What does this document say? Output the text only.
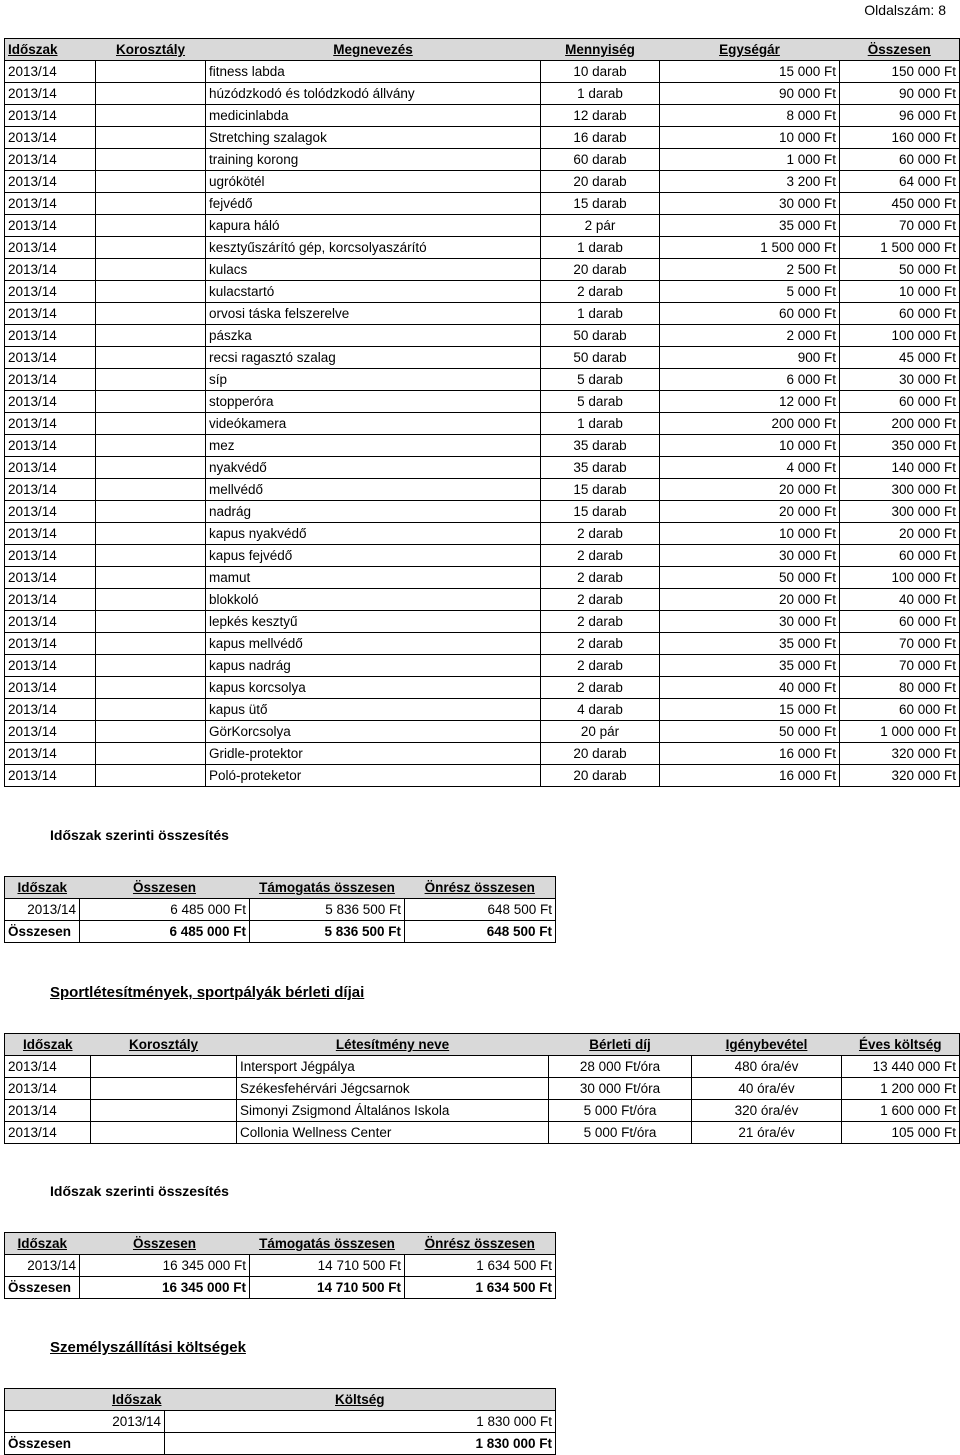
Oldalszám: 8
Időszak	Korosztály	Megnevezés	Mennyiség	Egységár	Összesen
2013/14		fitness labda	10 darab	15 000 Ft	150 000 Ft
2013/14		húzódzkodó és tolódzkodó állvány	1 darab	90 000 Ft	90 000 Ft
2013/14		medicinlabda	12 darab	8 000 Ft	96 000 Ft
2013/14		Stretching szalagok	16 darab	10 000 Ft	160 000 Ft
2013/14		training korong	60 darab	1 000 Ft	60 000 Ft
2013/14		ugrókötél	20 darab	3 200 Ft	64 000 Ft
2013/14		fejvédő	15 darab	30 000 Ft	450 000 Ft
2013/14		kapura háló	2 pár	35 000 Ft	70 000 Ft
2013/14		kesztyűszárító gép, korcsolyaszárító	1 darab	1 500 000 Ft	1 500 000 Ft
2013/14		kulacs	20 darab	2 500 Ft	50 000 Ft
2013/14		kulacstartó	2 darab	5 000 Ft	10 000 Ft
2013/14		orvosi táska felszerelve	1 darab	60 000 Ft	60 000 Ft
2013/14		pászka	50 darab	2 000 Ft	100 000 Ft
2013/14		recsi ragasztó szalag	50 darab	900 Ft	45 000 Ft
2013/14		síp	5 darab	6 000 Ft	30 000 Ft
2013/14		stopperóra	5 darab	12 000 Ft	60 000 Ft
2013/14		videókamera	1 darab	200 000 Ft	200 000 Ft
2013/14		mez	35 darab	10 000 Ft	350 000 Ft
2013/14		nyakvédő	35 darab	4 000 Ft	140 000 Ft
2013/14		mellvédő	15 darab	20 000 Ft	300 000 Ft
2013/14		nadrág	15 darab	20 000 Ft	300 000 Ft
2013/14		kapus nyakvédő	2 darab	10 000 Ft	20 000 Ft
2013/14		kapus fejvédő	2 darab	30 000 Ft	60 000 Ft
2013/14		mamut	2 darab	50 000 Ft	100 000 Ft
2013/14		blokkoló	2 darab	20 000 Ft	40 000 Ft
2013/14		lepkés kesztyű	2 darab	30 000 Ft	60 000 Ft
2013/14		kapus mellvédő	2 darab	35 000 Ft	70 000 Ft
2013/14		kapus nadrág	2 darab	35 000 Ft	70 000 Ft
2013/14		kapus korcsolya	2 darab	40 000 Ft	80 000 Ft
2013/14		kapus ütő	4 darab	15 000 Ft	60 000 Ft
2013/14		GörKorcsolya	20 pár	50 000 Ft	1 000 000 Ft
2013/14		Gridle-protektor	20 darab	16 000 Ft	320 000 Ft
2013/14		Poló-proteketor	20 darab	16 000 Ft	320 000 Ft
Időszak szerinti összesítés
Időszak	Összesen	Támogatás összesen	Önrész összesen
2013/14	6 485 000 Ft	5 836 500 Ft	648 500 Ft
Összesen	6 485 000 Ft	5 836 500 Ft	648 500 Ft
Sportlétesítmények, sportpályák bérleti díjai
Időszak	Korosztály	Létesítmény neve	Bérleti díj	Igénybevétel	Éves költség
2013/14		Intersport Jégpálya	28 000 Ft/óra	480 óra/év	13 440 000 Ft
2013/14		Székesfehérvári Jégcsarnok	30 000 Ft/óra	40 óra/év	1 200 000 Ft
2013/14		Simonyi Zsigmond Általános Iskola	5 000 Ft/óra	320 óra/év	1 600 000 Ft
2013/14		Collonia Wellness Center	5 000 Ft/óra	21 óra/év	105 000 Ft
Időszak szerinti összesítés
Időszak	Összesen	Támogatás összesen	Önrész összesen
2013/14	16 345 000 Ft	14 710 500 Ft	1 634 500 Ft
Összesen	16 345 000 Ft	14 710 500 Ft	1 634 500 Ft
Személyszállítási költségek
Időszak	Költség
2013/14	1 830 000 Ft
Összesen	1 830 000 Ft
